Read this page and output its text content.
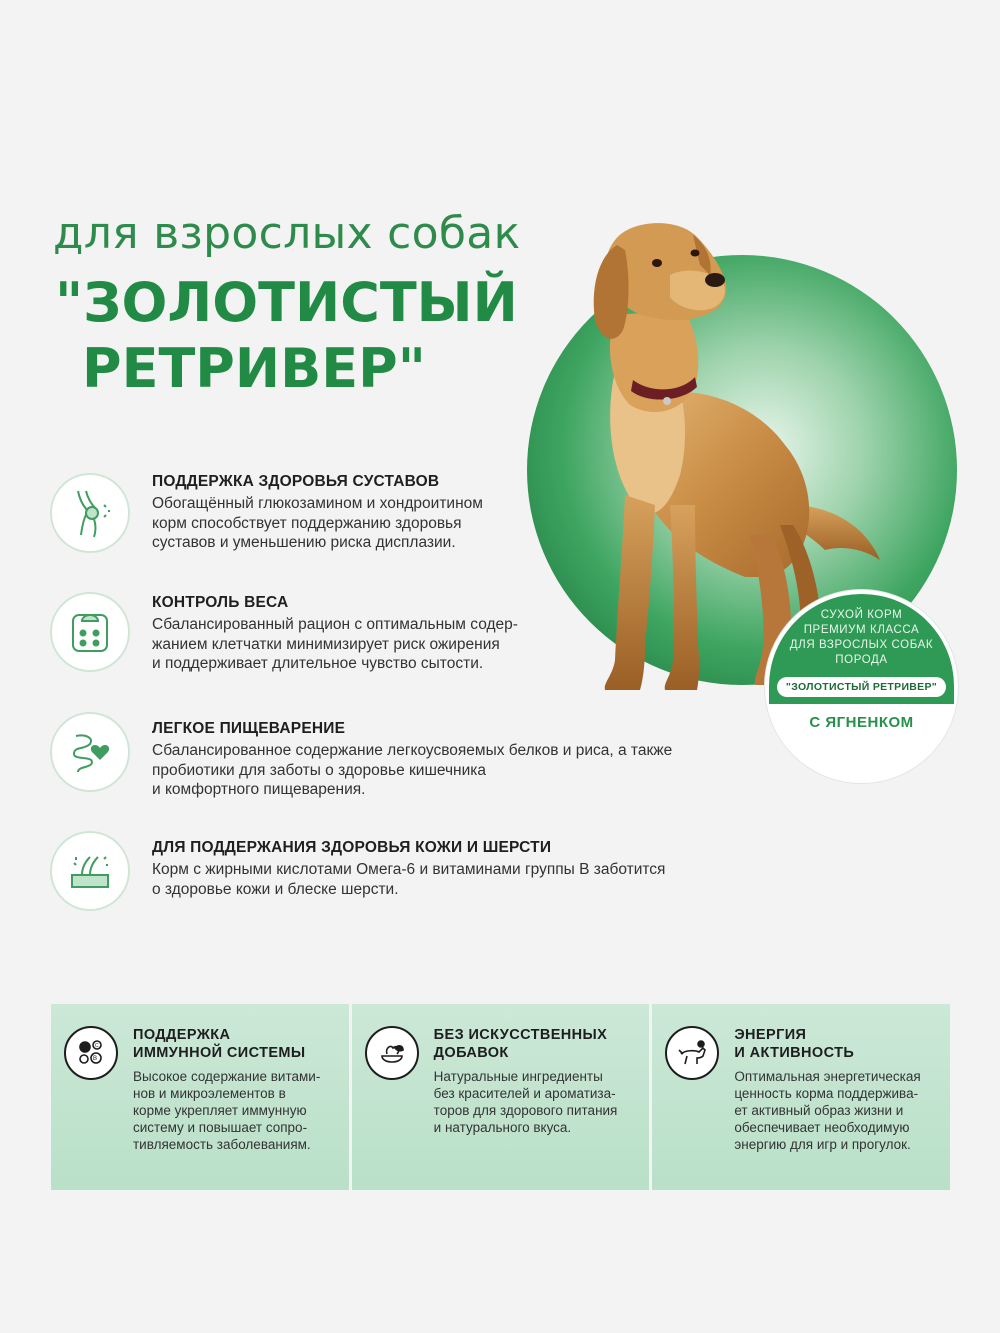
для взрослых собак
"ЗОЛОТИСТЫЙ
РЕТРИВЕР"
СУХОЙ КОРМ
ПРЕМИУМ КЛАССА
ДЛЯ ВЗРОСЛЫХ СОБАК
ПОРОДА
"ЗОЛОТИСТЫЙ РЕТРИВЕР"
С ЯГНЕНКОМ

ПОДДЕРЖКА ЗДОРОВЬЯ СУСТАВОВ

Обогащённый глюкозамином и хондроитином
корм способствует поддержанию здоровья
суставов и уменьшению риска дисплазии.

КОНТРОЛЬ ВЕСА

Сбалансированный рацион с оптимальным содер-
жанием клетчатки минимизирует риск ожирения
и поддерживает длительное чувство сытости.

ЛЕГКОЕ ПИЩЕВАРЕНИЕ

Сбалансированное содержание легкоусвояемых белков и риса, а также
пробиотики для заботы о здоровье кишечника
и комфортного пищеварения.

ДЛЯ ПОДДЕРЖАНИЯ ЗДОРОВЬЯ КОЖИ И ШЕРСТИ

Корм с жирными кислотами Омега-6 и витаминами группы В заботится
о здоровье кожи и блеске шерсти.

C
B

ПОДДЕРЖКА
ИММУННОЙ СИСТЕМЫ

Высокое содержание витами-
нов и микроэлементов в
корме укрепляет иммунную
систему и повышает сопро-
тивляемость заболеваниям.

БЕЗ ИСКУССТВЕННЫХ
ДОБАВОК

Натуральные ингредиенты
без красителей и ароматиза-
торов для здорового питания
и натурального вкуса.

ЭНЕРГИЯ
И АКТИВНОСТЬ

Оптимальная энергетическая
ценность корма поддержива-
ет активный образ жизни и
обеспечивает необходимую
энергию для игр и прогулок.
